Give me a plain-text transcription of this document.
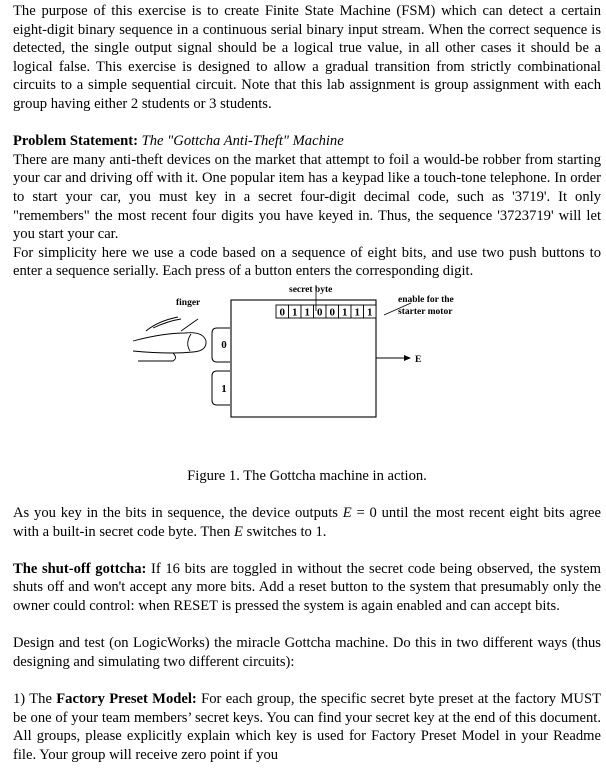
The purpose of this exercise is to create Finite State Machine (FSM) which can detect a certain eight-digit binary sequence in a continuous serial binary input stream. When the correct sequence is detected, the single output signal should be a logical true value, in all other cases it should be a logical false. This exercise is designed to allow a gradual transition from strictly combinational circuits to a simple sequential circuit. Note that this lab assignment is group assignment with each group having either 2 students or 3 students.

Problem Statement: The "Gottcha Anti-Theft" Machine
There are many anti-theft devices on the market that attempt to foil a would-be robber from starting your car and driving off with it. One popular item has a keypad like a touch-tone telephone. In order to start your car, you must key in a secret four-digit decimal code, such as '3719'. It only "remembers" the most recent four digits you have keyed in. Thus, the sequence '3723719' will let you start your car.

For simplicity here we use a code based on a sequence of eight bits, and use two push buttons to enter a sequence serially. Each press of a button enters the corresponding digit.

0 1 1 0 0 1 1 1
0
1
finger
secret byte
enable for the
starter motor
E

Figure 1. The Gottcha machine in action.

As you key in the bits in sequence, the device outputs E = 0 until the most recent eight bits agree with a built-in secret code byte. Then E switches to 1.

The shut-off gottcha: If 16 bits are toggled in without the secret code being observed, the system shuts off and won't accept any more bits. Add a reset button to the system that presumably only the owner could control: when RESET is pressed the system is again enabled and can accept bits.

Design and test (on LogicWorks) the miracle Gottcha machine. Do this in two different ways (thus designing and simulating two different circuits):

1) The Factory Preset Model: For each group, the specific secret byte preset at the factory MUST be one of your team members’ secret keys. You can find your secret key at the end of this document. All groups, please explicitly explain which key is used for Factory Preset Model in your Readme file. Your group will receive zero point if you
